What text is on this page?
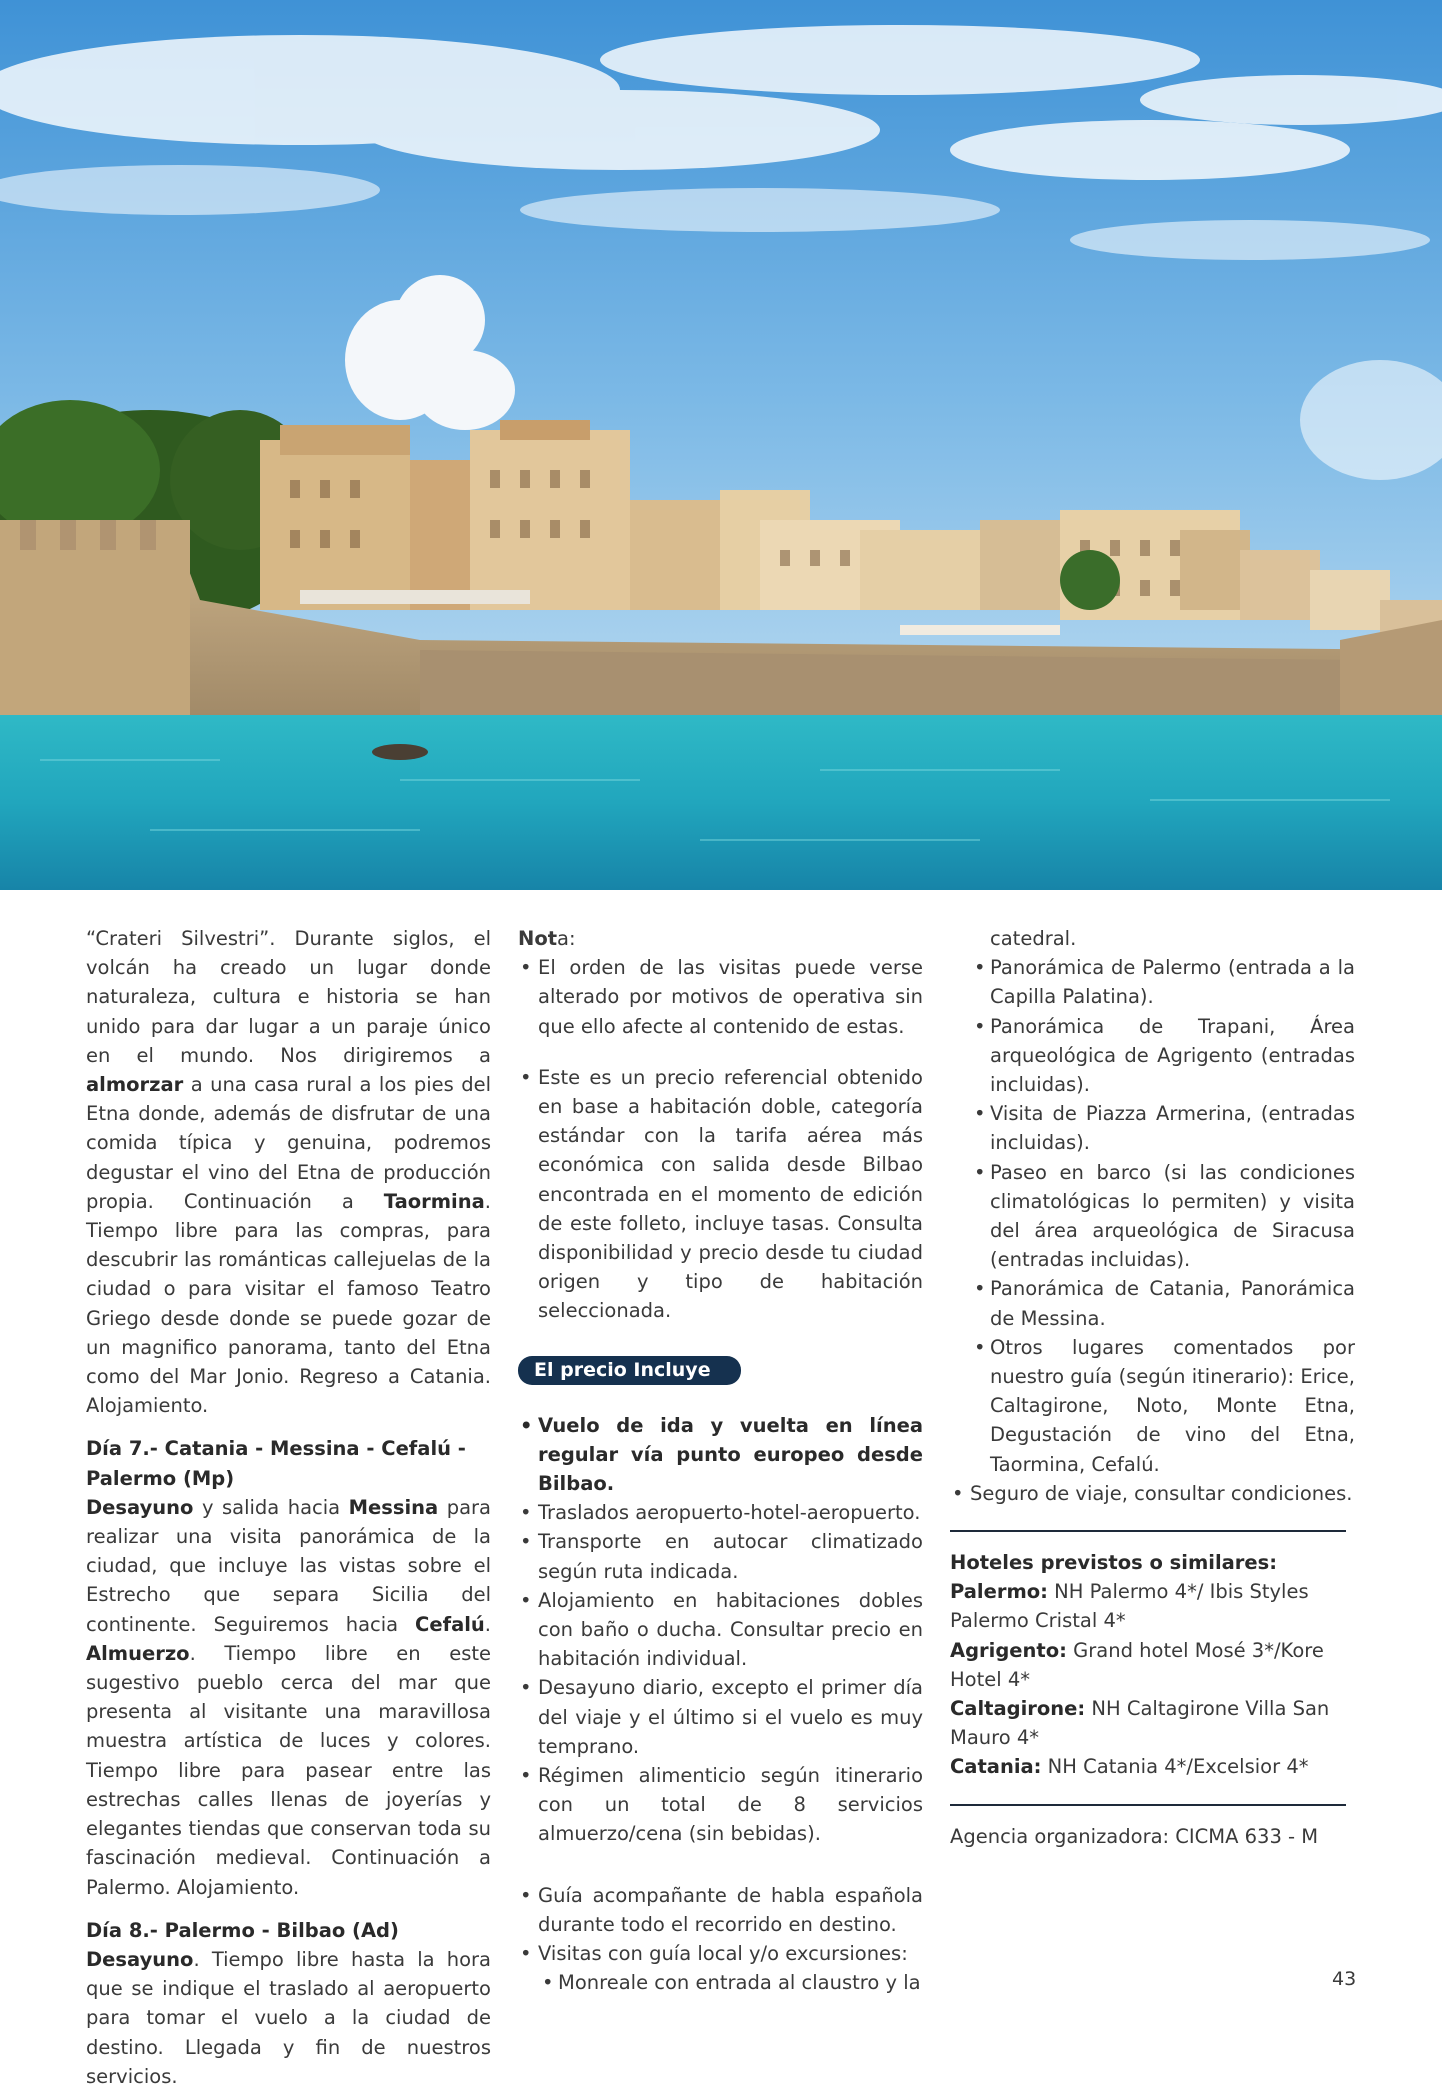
“Crateri Silvestri”. Durante siglos, el volcán ha creado un lugar donde naturaleza, cultura e historia se han unido para dar lugar a un paraje único en el mundo. Nos dirigiremos a almorzar a una casa rural a los pies del Etna donde, además de disfrutar de una comida típica y genuina, podremos degustar el vino del Etna de producción propia. Continuación a Taormina. Tiempo libre para las compras, para descubrir las románticas callejuelas de la ciudad o para visitar el famoso Teatro Griego desde donde se puede gozar de un magnifico panorama, tanto del Etna como del Mar Jonio. Regreso a Catania. Alojamiento.

Día 7.- Catania - Messina - Cefalú - Palermo (Mp)

Desayuno y salida hacia Messina para realizar una visita panorámica de la ciudad, que incluye las vistas sobre el Estrecho que separa Sicilia del continente. Seguiremos hacia Cefalú. Almuerzo. Tiempo libre en este sugestivo pueblo cerca del mar que presenta al visitante una maravillosa muestra artística de luces y colores. Tiempo libre para pasear entre las estrechas calles llenas de joyerías y elegantes tiendas que conservan toda su fascinación medieval. Continuación a Palermo. Alojamiento.

Día 8.- Palermo - Bilbao (Ad)

Desayuno. Tiempo libre hasta la hora que se indique el traslado al aeropuerto para tomar el vuelo a la ciudad de destino. Llegada y fin de nuestros servicios.

Nota:

• El orden de las visitas puede verse alterado por motivos de operativa sin que ello afecte al contenido de estas.
• Este es un precio referencial obtenido en base a habitación doble, categoría estándar con la tarifa aérea más económica con salida desde Bilbao encontrada en el momento de edición de este folleto, incluye tasas. Consulta disponibilidad y precio desde tu ciudad origen y tipo de habitación seleccionada.
El precio Incluye
• Vuelo de ida y vuelta en línea regular vía punto europeo desde Bilbao.
• Traslados aeropuerto-hotel-aeropuerto.
• Transporte en autocar climatizado según ruta indicada.
• Alojamiento en habitaciones dobles con baño o ducha. Consultar precio en habitación individual.
• Desayuno diario, excepto el primer día del viaje y el último si el vuelo es muy temprano.
• Régimen alimenticio según itinerario con un total de 8 servicios almuerzo/cena (sin bebidas).
• Guía acompañante de habla española durante todo el recorrido en destino.
• Visitas con guía local y/o excursiones:
• Monreale con entrada al claustro y la

catedral.

• Panorámica de Palermo (entrada a la Capilla Palatina).
• Panorámica de Trapani, Área arqueológica de Agrigento (entradas incluidas).
• Visita de Piazza Armerina, (entradas incluidas).
• Paseo en barco (si las condiciones climatológicas lo permiten) y visita del área arqueológica de Siracusa (entradas incluidas).
• Panorámica de Catania, Panorámica de Messina.
• Otros lugares comentados por nuestro guía (según itinerario): Erice, Caltagirone, Noto, Monte Etna, Degustación de vino del Etna, Taormina, Cefalú.
• Seguro de viaje, consultar condiciones.

Hoteles previstos o similares:

Palermo: NH Palermo 4*/ Ibis Styles Palermo Cristal 4*

Agrigento: Grand hotel Mosé 3*/Kore Hotel 4*

Caltagirone: NH Caltagirone Villa San Mauro 4*

Catania: NH Catania 4*/Excelsior 4*

Agencia organizadora: CICMA 633 - M

43
